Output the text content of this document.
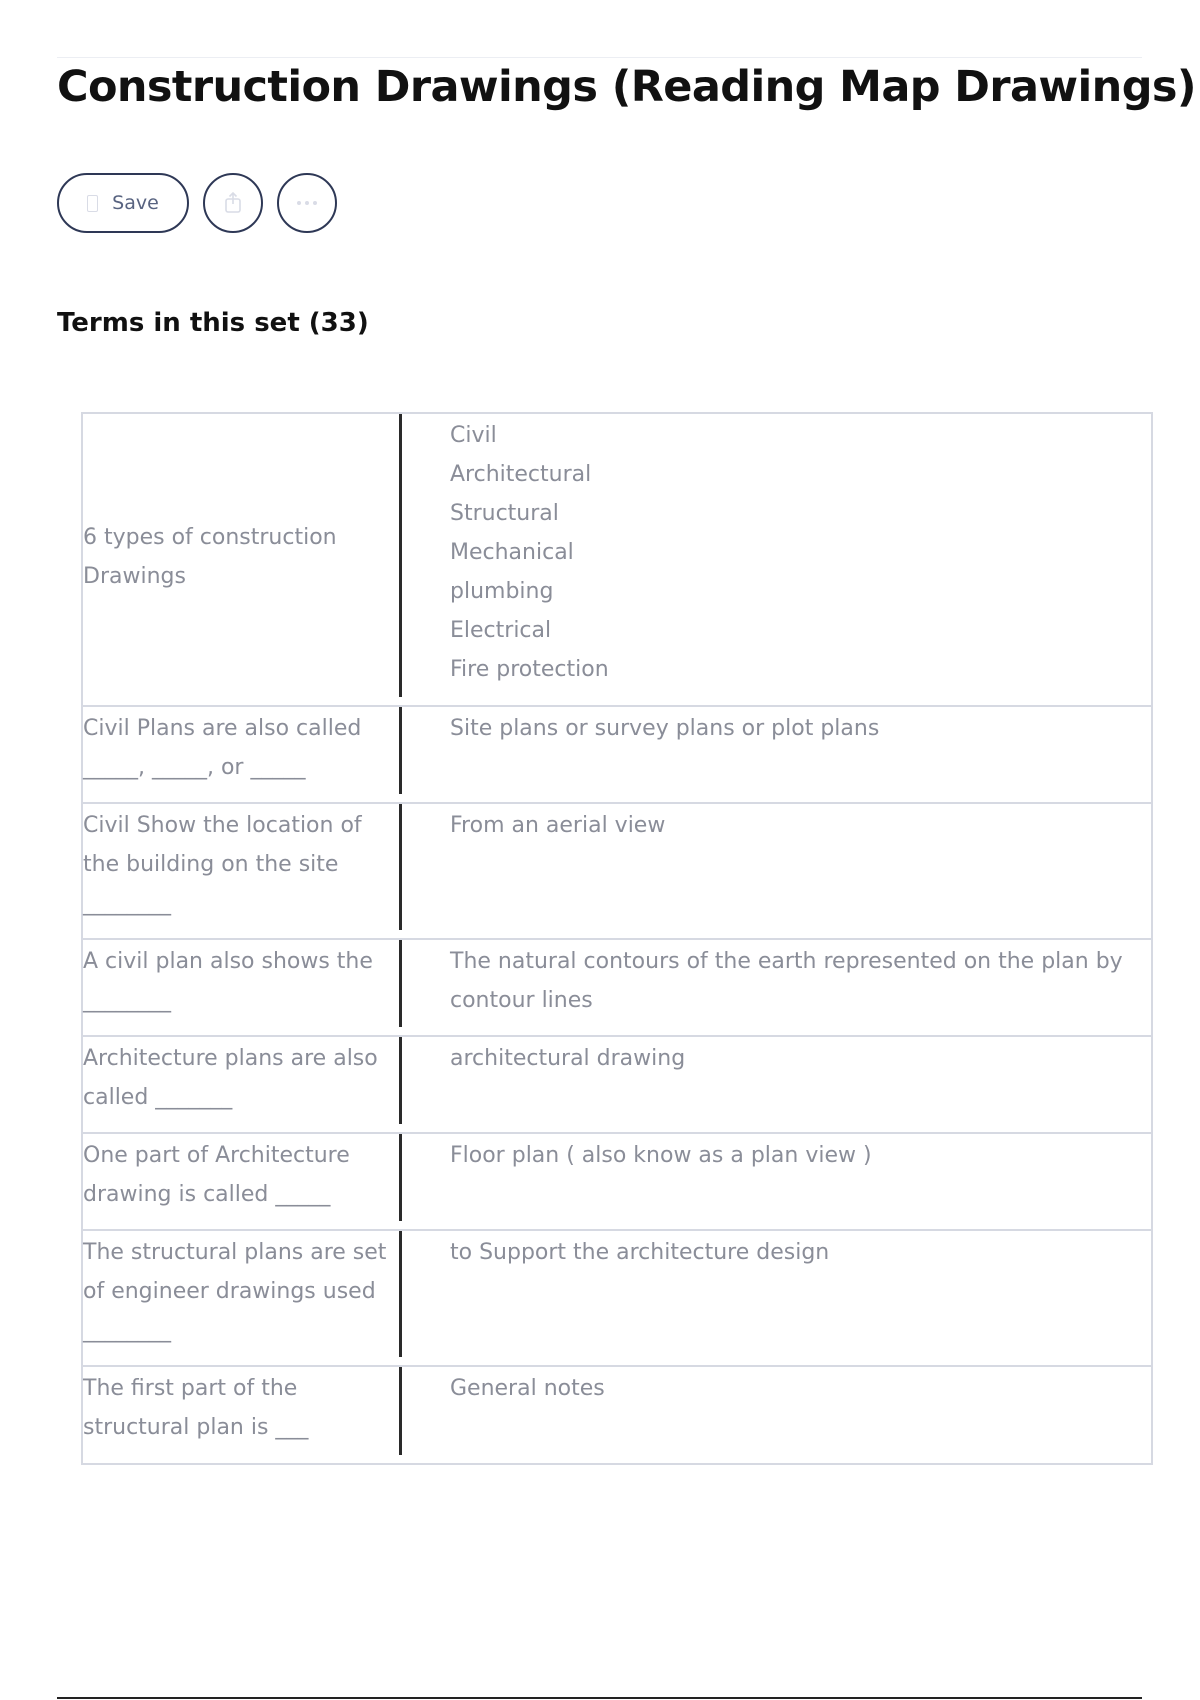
Construction Drawings (Reading Map Drawings)
Save
Terms in this set (33)
6 types of construction Drawings
Civil
Architectural
Structural
Mechanical
plumbing
Electrical
Fire protection
Civil Plans are also called _____, _____, or _____
Site plans or survey plans or plot plans
Civil Show the location of the building on the site ________
From an aerial view
A civil plan also shows the ________
The natural contours of the earth represented on the plan by contour lines
Architecture plans are also called _______
architectural drawing
One part of Architecture drawing is called _____
Floor plan ( also know as a plan view )
The structural plans are set of engineer drawings used ________
to Support the architecture design
The first part of the structural plan is ___
General notes
